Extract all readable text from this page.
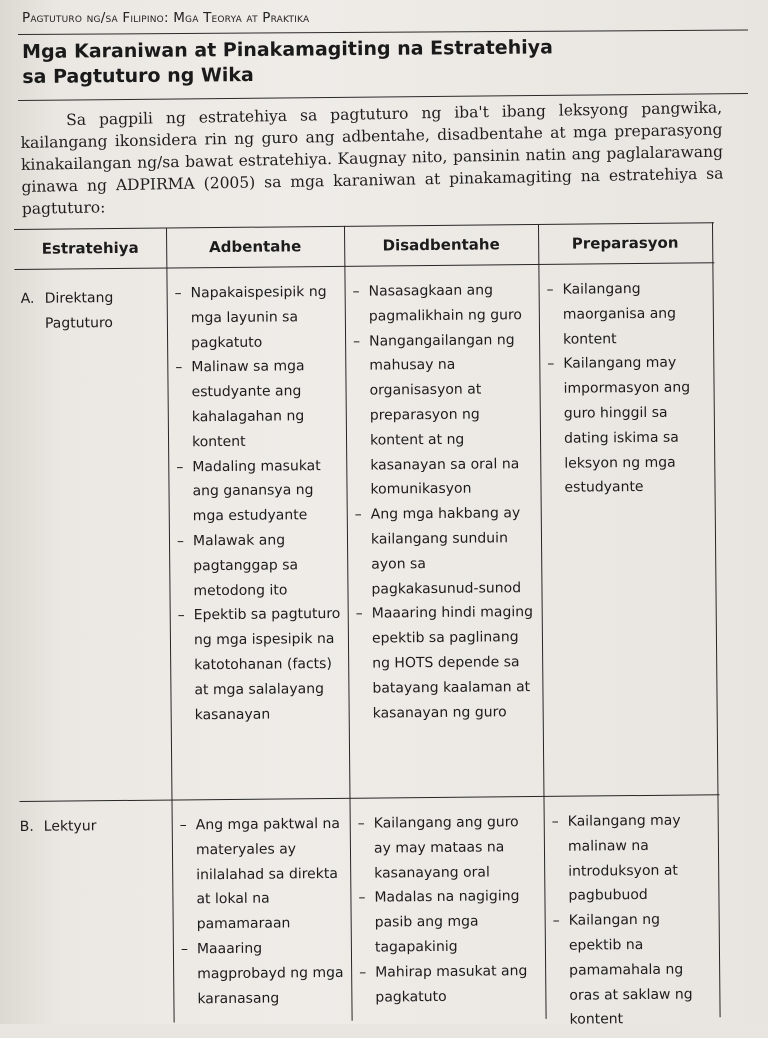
Pagtuturo ng/sa Filipino: Mga Teorya at Praktika
Mga Karaniwan at Pinakamagiting na Estratehiya
sa Pagtuturo ng Wika

Sa pagpili ng estratehiya sa pagtuturo ng iba't ibang leksyong pangwika, kailangang ikonsidera rin ng guro ang adbentahe, disadbentahe at mga preparasyong kinakailangan ng/sa bawat estratehiya. Kaugnay nito, pansinin natin ang paglalarawang ginawa ng ADPIRMA (2005) sa mga karaniwan at pinakamagiting na estratehiya sa pagtuturo:

Estratehiya	Adbentahe	Disadbentahe	Preparasyon
A. Direktang Pagtuturo
– Napakaispesipik ng mga layunin sa pagkatuto
– Malinaw sa mga estudyante ang kahalagahan ng kontent
– Madaling masukat ang ganansya ng mga estudyante
– Malawak ang pagtanggap sa metodong ito
– Epektib sa pagtuturo ng mga ispesipik na katotohanan (facts) at mga salalayang kasanayan
– Nasasagkaan ang pagmalikhain ng guro
– Nangangailangan ng mahusay na organisasyon at preparasyon ng kontent at ng kasanayan sa oral na komunikasyon
– Ang mga hakbang ay kailangang sunduin ayon sa pagkakasunud-sunod
– Maaaring hindi maging epektib sa paglinang ng HOTS depende sa batayang kaalaman at kasanayan ng guro
– Kailangang maorganisa ang kontent
– Kailangang may impormasyon ang guro hinggil sa dating iskima sa leksyon ng mga estudyante
B. Lektyur
–	Ang mga paktwal na materyales ay inilalahad sa direkta at lokal na pamamaraan
– Maaaring magprobayd ng mga karanasang
– Kailangang ang guro ay may mataas na kasanayang oral
– Madalas na nagiging pasib ang mga tagapakinig
– Mahirap masukat ang pagkatuto
– Kailangang may malinaw na introduksyon at pagbubuod
– Kailangan ng epektib na pamamahala ng oras at saklaw ng kontent
